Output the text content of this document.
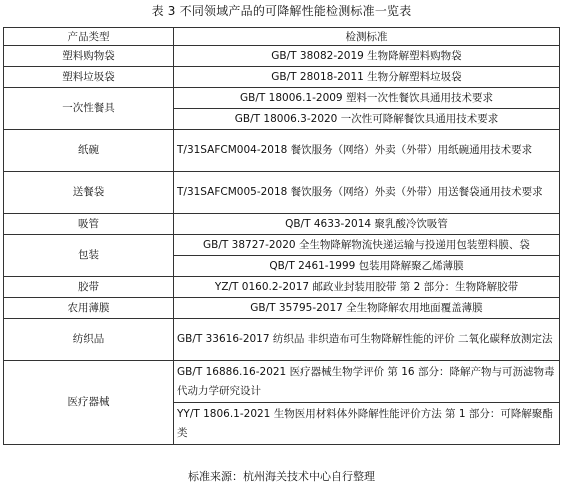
表 3 不同领域产品的可降解性能检测标准一览表
产品类型	检测标准
塑料购物袋	GB/T 38082-2019 生物降解塑料购物袋
塑料垃圾袋	GB/T 28018-2011 生物分解塑料垃圾袋
一次性餐具	GB/T 18006.1-2009 塑料一次性餐饮具通用技术要求
	GB/T 18006.3-2020 一次性可降解餐饮具通用技术要求
纸碗	T/31SAFCM004-2018 餐饮服务（网络）外卖（外带）用纸碗通用技术要求
送餐袋	T/31SAFCM005-2018 餐饮服务（网络）外卖（外带）用送餐袋通用技术要求
吸管	QB/T 4633-2014 聚乳酸冷饮吸管
包装	GB/T 38727-2020 全生物降解物流快递运输与投递用包装塑料膜、袋
	QB/T 2461-1999 包装用降解聚乙烯薄膜
胶带	YZ/T 0160.2-2017 邮政业封装用胶带 第 2 部分：生物降解胶带
农用薄膜	GB/T 35795-2017 全生物降解农用地面覆盖薄膜
纺织品	GB/T 33616-2017 纺织品 非织造布可生物降解性能的评价 二氧化碳释放测定法
医疗器械	GB/T 16886.16-2021 医疗器械生物学评价 第 16 部分：降解产物与可沥滤物毒代动力学研究设计
	YY/T 1806.1-2021 生物医用材料体外降解性能评价方法 第 1 部分：可降解聚酯类
标准来源：杭州海关技术中心自行整理
